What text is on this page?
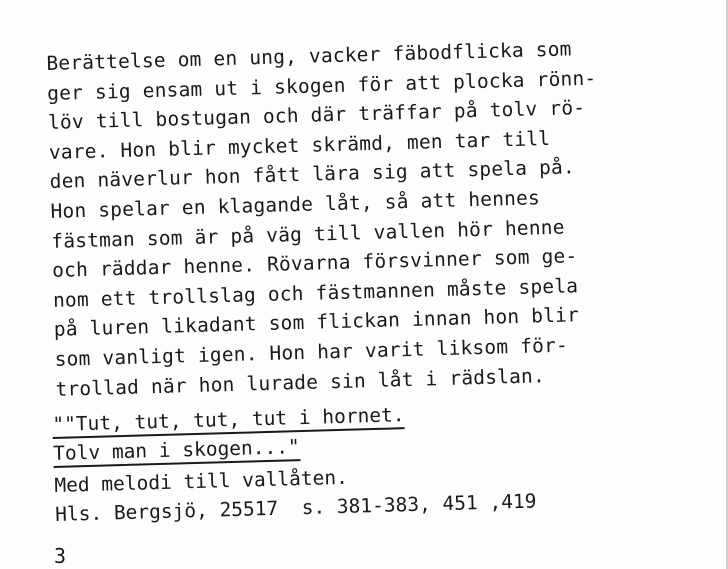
Berättelse om en ung, vacker fäbodflicka som
ger sig ensam ut i skogen för att plocka rönn-
löv till bostugan och där träffar på tolv rö-
vare. Hon blir mycket skrämd, men tar till
den näverlur hon fått lära sig att spela på.
Hon spelar en klagande låt, så att hennes
fästman som är på väg till vallen hör henne
och räddar henne. Rövarna försvinner som ge-
nom ett trollslag och fästmannen måste spela
på luren likadant som flickan innan hon blir
som vanligt igen. Hon har varit liksom för-
trollad när hon lurade sin låt i rädslan.
""Tut, tut, tut, tut i hornet.
Tolv man i skogen..."
Med melodi till vallåten.
Hls. Bergsjö, 25517  s. 381-383, 451 ,419
3
